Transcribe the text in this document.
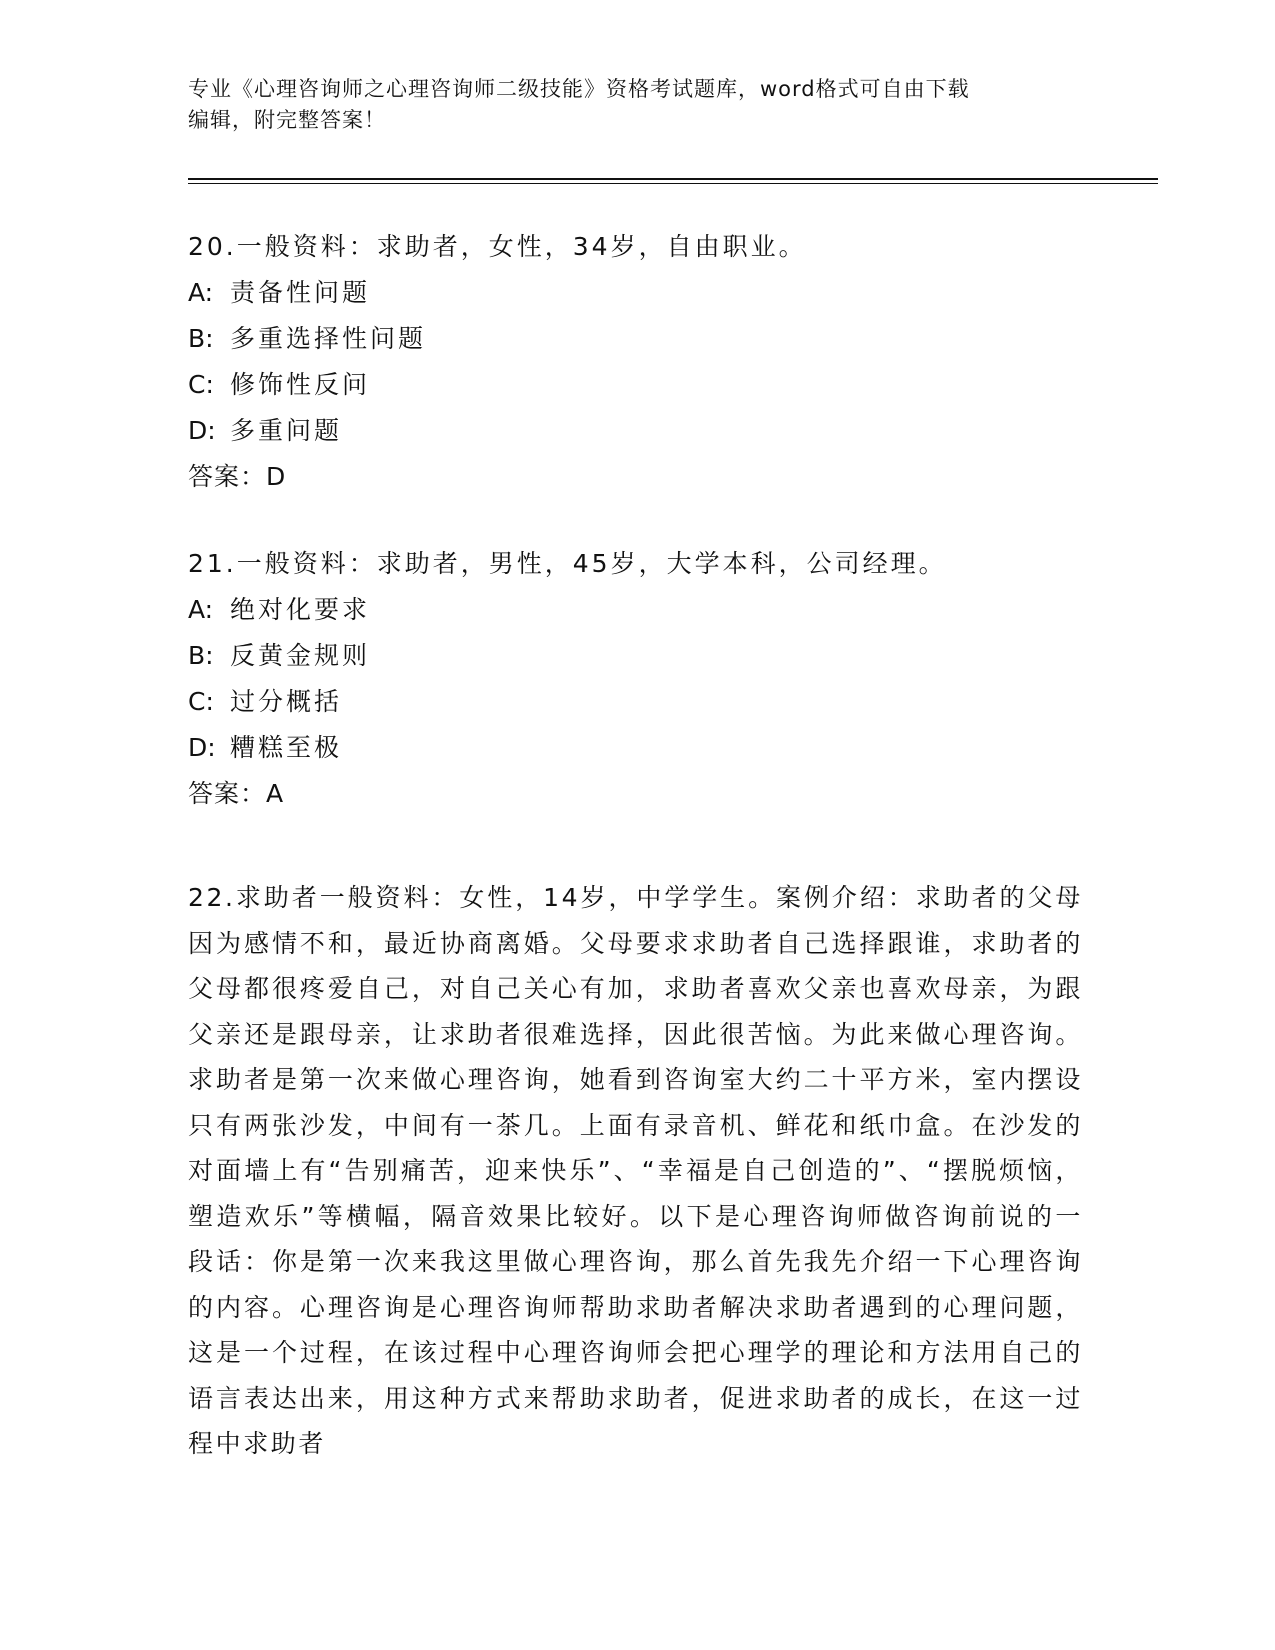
专业《心理咨询师之心理咨询师二级技能》资格考试题库，word格式可自由下载
编辑，附完整答案！
20.一般资料：求助者，女性，34岁，自由职业。
A: 责备性问题
B: 多重选择性问题
C: 修饰性反问
D: 多重问题
答案：D
21.一般资料：求助者，男性，45岁，大学本科，公司经理。
A: 绝对化要求
B: 反黄金规则
C: 过分概括
D: 糟糕至极
答案：A
22.求助者一般资料：女性，14岁，中学学生。案例介绍：求助者的父母因为感情不和，最近协商离婚。父母要求求助者自己选择跟谁，求助者的父母都很疼爱自己，对自己关心有加，求助者喜欢父亲也喜欢母亲，为跟父亲还是跟母亲，让求助者很难选择，因此很苦恼。为此来做心理咨询。求助者是第一次来做心理咨询，她看到咨询室大约二十平方米，室内摆设只有两张沙发，中间有一茶几。上面有录音机、鲜花和纸巾盒。在沙发的对面墙上有“告别痛苦，迎来快乐”、“幸福是自己创造的”、“摆脱烦恼，塑造欢乐”等横幅，隔音效果比较好。以下是心理咨询师做咨询前说的一段话：你是第一次来我这里做心理咨询，那么首先我先介绍一下心理咨询的内容。心理咨询是心理咨询师帮助求助者解决求助者遇到的心理问题，这是一个过程，在该过程中心理咨询师会把心理学的理论和方法用自己的语言表达出来，用这种方式来帮助求助者，促进求助者的成长，在这一过程中求助者
